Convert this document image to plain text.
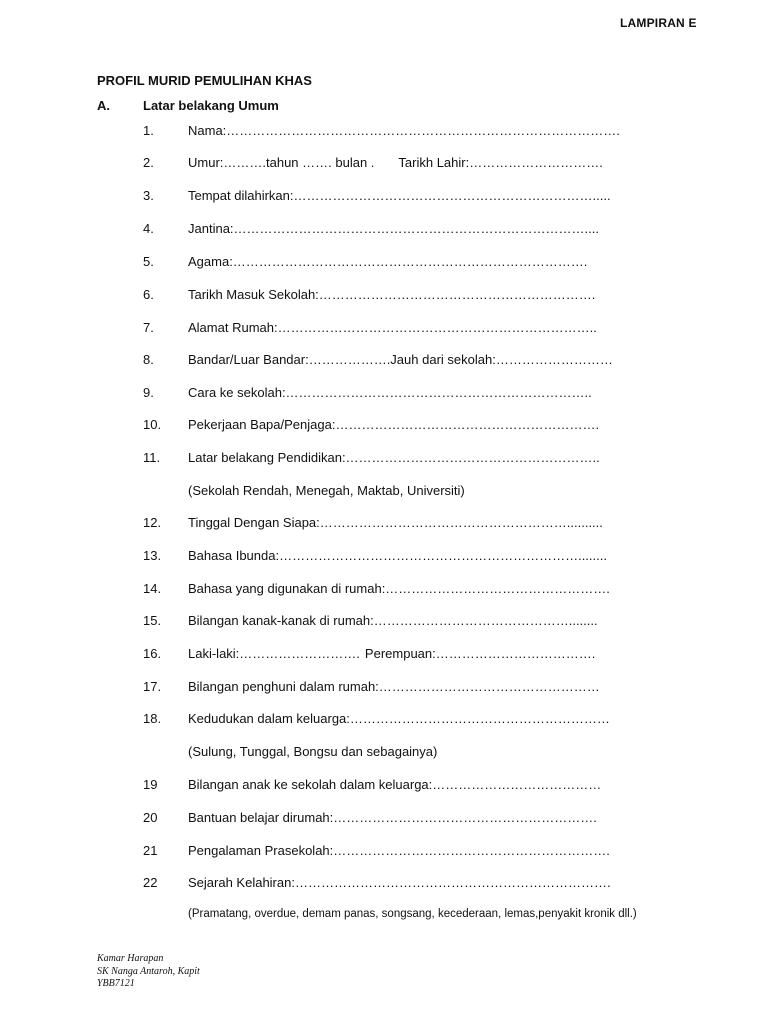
LAMPIRAN E
PROFIL MURID PEMULIHAN KHAS
A.	Latar belakang Umum
1.	Nama:……………………………………………………………………………….
2.	Umur:……….tahun ……. bulan . Tarikh Lahir:………………………….
3.	Tempat dilahirkan:…………………………………………………………….....
4.	Jantina:………………………………………………………………………....
5.	Agama:……………………………………………………………………….
6.	Tarikh Masuk Sekolah:……………………………………………………….
7.	Alamat Rumah:………………………………………………………………..
8.	Bandar/Luar Bandar:……………….Jauh dari sekolah:………………………
9.	Cara ke sekolah:……………………………………………………………..
10. Pekerjaan Bapa/Penjaga:…………………………………………………….
11. Latar belakang Pendidikan:…………………………………………………..
(Sekolah Rendah, Menegah, Maktab, Universiti)
12. Tinggal Dengan Siapa:…………………………………………………..........
13. Bahasa Ibunda:……………………………………………………………........
14. Bahasa yang digunakan di rumah:…………………………………………….
15. Bilangan kanak-kanak di rumah:………………………………………........
16. Laki-laki:………………………. Perempuan:……………………………….
17. Bilangan penghuni dalam rumah:……………………………………………
18. Kedudukan dalam keluarga:……………………………………………………
(Sulung, Tunggal, Bongsu dan sebagainya)
19 Bilangan anak ke sekolah dalam keluarga:…………………………………
20 Bantuan belajar dirumah:…………………………………………………….
21 Pengalaman Prasekolah:……………………………………………………….
22 Sejarah Kelahiran:……………………………………………………………….
(Pramatang, overdue, demam panas, songsang, kecederaan, lemas,penyakit kronik dll.)
Kamar Harapan
SK Nanga Antaroh, Kapit
YBB7121
